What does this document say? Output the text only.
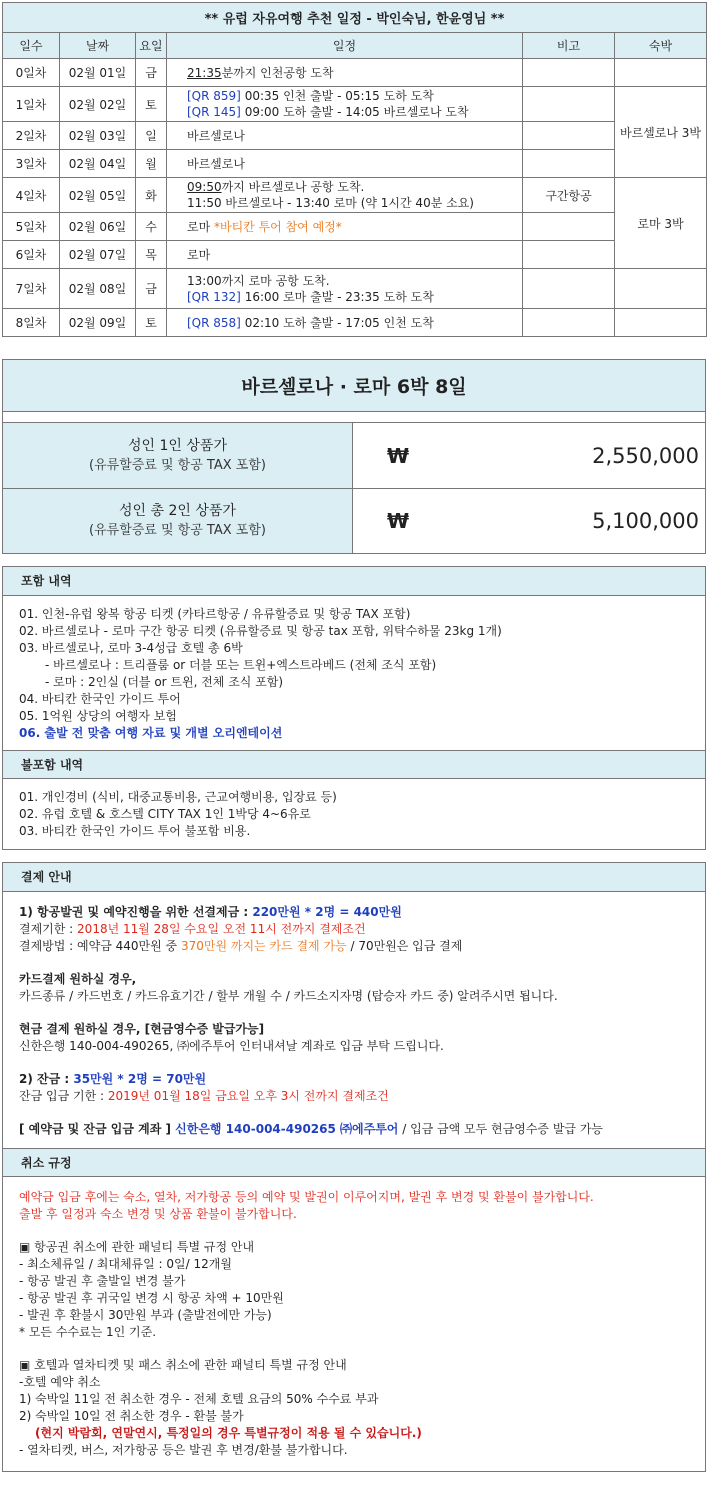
** 유럽 자유여행 추천 일정 - 박인숙님, 한윤영님 **					
일수	날짜	요일	일정	비고	숙박
0일차	02월 01일	금	21:35분까지 인천공항 도착		
1일차	02월 02일	토	[QR 859] 00:35 인천 출발 - 05:15 도하 도착
[QR 145] 09:00 도하 출발 - 14:05 바르셀로나 도착		바르셀로나 3박
2일차	02월 03일	일	바르셀로나		
3일차	02월 04일	월	바르셀로나		
4일차	02월 05일	화	09:50까지 바르셀로나 공항 도착.
11:50 바르셀로나 - 13:40 로마 (약 1시간 40분 소요)	구간항공	로마 3박
5일차	02월 06일	수	로마 *바티칸 투어 참여 예정*		
6일차	02월 07일	목	로마		
7일차	02월 08일	금	13:00까지 로마 공항 도착.
[QR 132] 16:00 로마 출발 - 23:35 도하 도착		
8일차	02월 09일	토	[QR 858] 02:10 도하 출발 - 17:05 인천 도착		
바르셀로나 · 로마 6박 8일
성인 1인 상품가
(유류할증료 및 항공 TAX 포함)	₩	2,550,000
성인 총 2인 상품가
(유류할증료 및 항공 TAX 포함)	₩	5,100,000
포함 내역
01. 인천-유럽 왕복 항공 티켓 (카타르항공 / 유류할증료 및 항공 TAX 포함)
02. 바르셀로나 - 로마 구간 항공 티켓 (유류할증료 및 항공 tax 포함, 위탁수하물 23kg 1개)
03. 바르셀로나, 로마 3-4성급 호텔 총 6박
- 바르셀로나 : 트리플룸 or 더블 또는 트윈+엑스트라베드 (전체 조식 포함)
- 로마 : 2인실 (더블 or 트윈, 전체 조식 포함)
04. 바티칸 한국인 가이드 투어
05. 1억원 상당의 여행자 보험
06. 출발 전 맞춤 여행 자료 및 개별 오리엔테이션
불포함 내역
01. 개인경비 (식비, 대중교통비용, 근교여행비용, 입장료 등)
02. 유럽 호텔 & 호스텔 CITY TAX 1인 1박당 4~6유로
03. 바티칸 한국인 가이드 투어 불포함 비용.
결제 안내
1) 항공발권 및 예약진행을 위한 선결제금 : 220만원 * 2명 = 440만원
결제기한 : 2018년 11월 28일 수요일 오전 11시 전까지 결제조건
결제방법 : 예약금 440만원 중 370만원 까지는 카드 결제 가능 / 70만원은 입금 결제
카드결제 원하실 경우,
카드종류 / 카드번호 / 카드유효기간 / 할부 개월 수 / 카드소지자명 (탑승자 카드 중) 알려주시면 됩니다.
현금 결제 원하실 경우, [현금영수증 발급가능]
신한은행 140-004-490265, ㈜에주투어 인터내셔날 계좌로 입금 부탁 드립니다.
2) 잔금 : 35만원 * 2명 = 70만원
잔금 입금 기한 : 2019년 01월 18일 금요일 오후 3시 전까지 결제조건
[ 예약금 및 잔금 입금 계좌 ] 신한은행 140-004-490265 ㈜에주투어 / 입금 금액 모두 현금영수증 발급 가능
취소 규정
예약금 입금 후에는 숙소, 열차, 저가항공 등의 예약 및 발권이 이루어지며, 발권 후 변경 및 환불이 불가합니다.
출발 후 일정과 숙소 변경 및 상품 환불이 불가합니다.
▣ 항공권 취소에 관한 패널티 특별 규정 안내
- 최소체류일 / 최대체류일 : 0일/ 12개월
- 항공 발권 후 출발일 변경 불가
- 항공 발권 후 귀국일 변경 시 항공 차액 + 10만원
- 발권 후 환불시 30만원 부과 (출발전에만 가능)
* 모든 수수료는 1인 기준.
▣ 호텔과 열차티켓 및 패스 취소에 관한 패널티 특별 규정 안내
-호텔 예약 취소
1) 숙박일 11일 전 취소한 경우 - 전체 호텔 요금의 50% 수수료 부과
2) 숙박일 10일 전 취소한 경우 - 환불 불가
(현지 박람회, 연말연시, 특정일의 경우 특별규정이 적용 될 수 있습니다.)
- 열차티켓, 버스, 저가항공 등은 발권 후 변경/환불 불가합니다.
